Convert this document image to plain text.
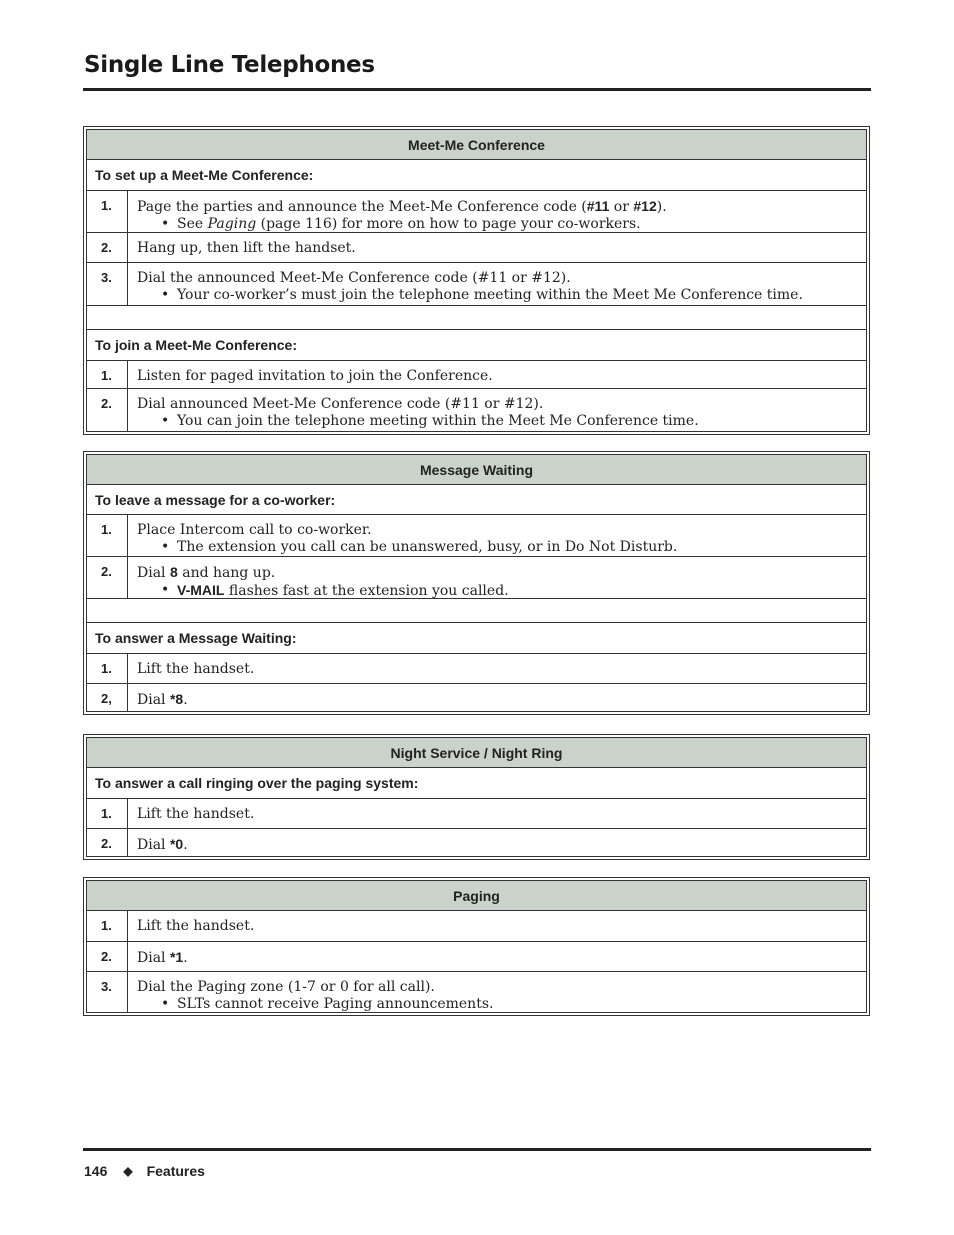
Single Line Telephones
Meet-Me Conference
To set up a Meet-Me Conference:
1.	Page the parties and announce the Meet-Me Conference code (#11 or #12).
• See Paging (page 116) for more on how to page your co-workers.
2.	Hang up, then lift the handset.
3.	Dial the announced Meet-Me Conference code (#11 or #12).
• Your co-worker’s must join the telephone meeting within the Meet Me Conference time.
To join a Meet-Me Conference:
1.	Listen for paged invitation to join the Conference.
2.	Dial announced Meet-Me Conference code (#11 or #12).
• You can join the telephone meeting within the Meet Me Conference time.
Message Waiting
To leave a message for a co-worker:
1.	Place Intercom call to co-worker.
• The extension you call can be unanswered, busy, or in Do Not Disturb.
2.	Dial 8 and hang up.
• V-MAIL flashes fast at the extension you called.
To answer a Message Waiting:
1.	Lift the handset.
2,	Dial *8.
Night Service / Night Ring
To answer a call ringing over the paging system:
1.	Lift the handset.
2.	Dial *0.
Paging
1.	Lift the handset.
2.	Dial *1.
3.	Dial the Paging zone (1-7 or 0 for all call).
• SLTs cannot receive Paging announcements.
146 ◆ Features
